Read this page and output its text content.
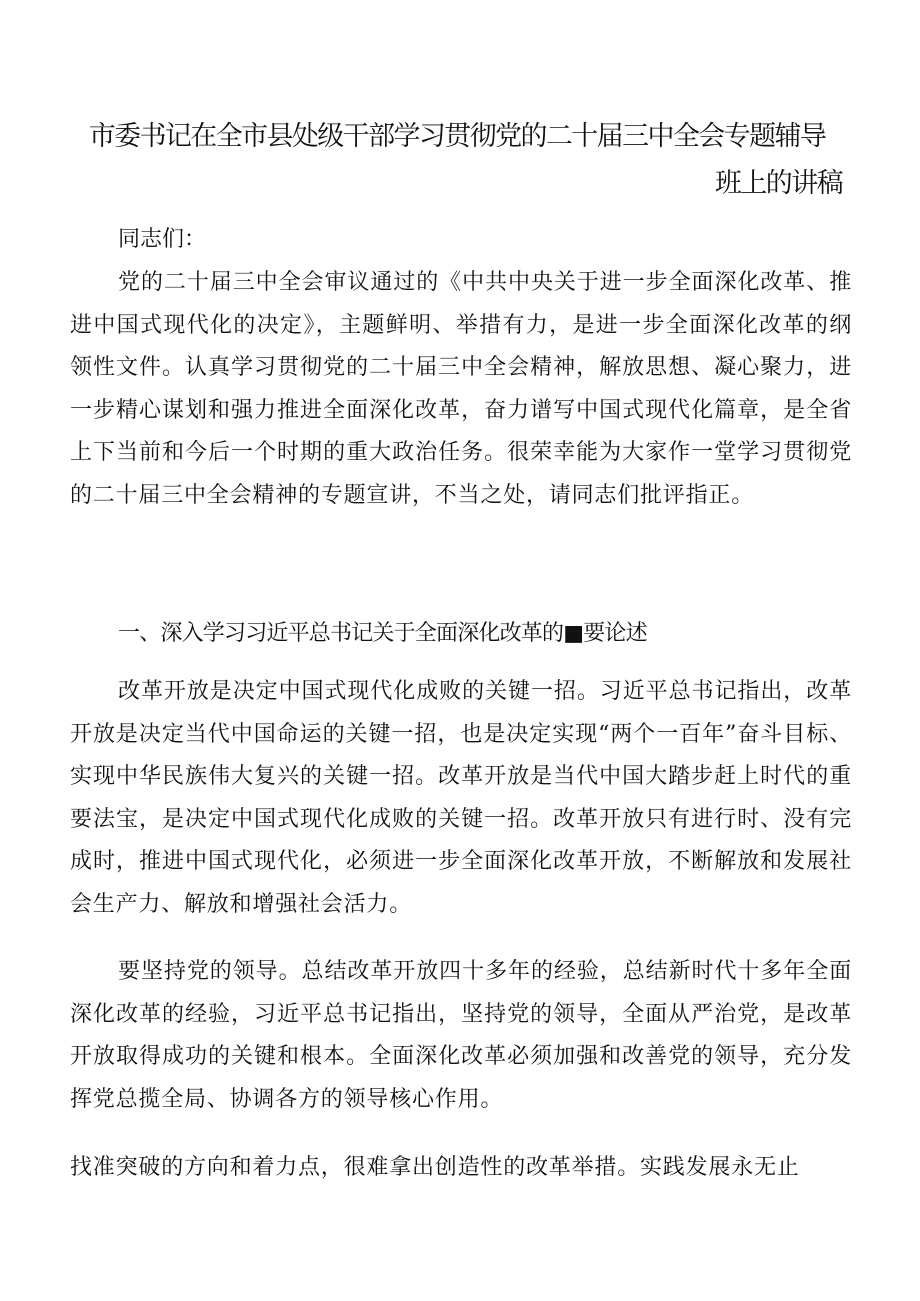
市委书记在全市县处级干部学习贯彻党的二十届三中全会专题辅导
班上的讲稿

同志们：

党的二十届三中全会审议通过的《中共中央关于进一步全面深化改革、推进中国式现代化的决定》，主题鲜明、举措有力，是进一步全面深化改革的纲领性文件。认真学习贯彻党的二十届三中全会精神，解放思想、凝心聚力，进一步精心谋划和强力推进全面深化改革，奋力谱写中国式现代化篇章，是全省上下当前和今后一个时期的重大政治任务。很荣幸能为大家作一堂学习贯彻党的二十届三中全会精神的专题宣讲，不当之处，请同志们批评指正。

一、深入学习习近平总书记关于全面深化改革的■要论述

改革开放是决定中国式现代化成败的关键一招。习近平总书记指出，改革开放是决定当代中国命运的关键一招，也是决定实现“两个一百年”奋斗目标、实现中华民族伟大复兴的关键一招。改革开放是当代中国大踏步赶上时代的重要法宝，是决定中国式现代化成败的关键一招。改革开放只有进行时、没有完成时，推进中国式现代化，必须进一步全面深化改革开放，不断解放和发展社会生产力、解放和增强社会活力。

要坚持党的领导。总结改革开放四十多年的经验，总结新时代十多年全面深化改革的经验，习近平总书记指出，坚持党的领导，全面从严治党，是改革开放取得成功的关键和根本。全面深化改革必须加强和改善党的领导，充分发挥党总揽全局、协调各方的领导核心作用。

找准突破的方向和着力点，很难拿出创造性的改革举措。实践发展永无止
